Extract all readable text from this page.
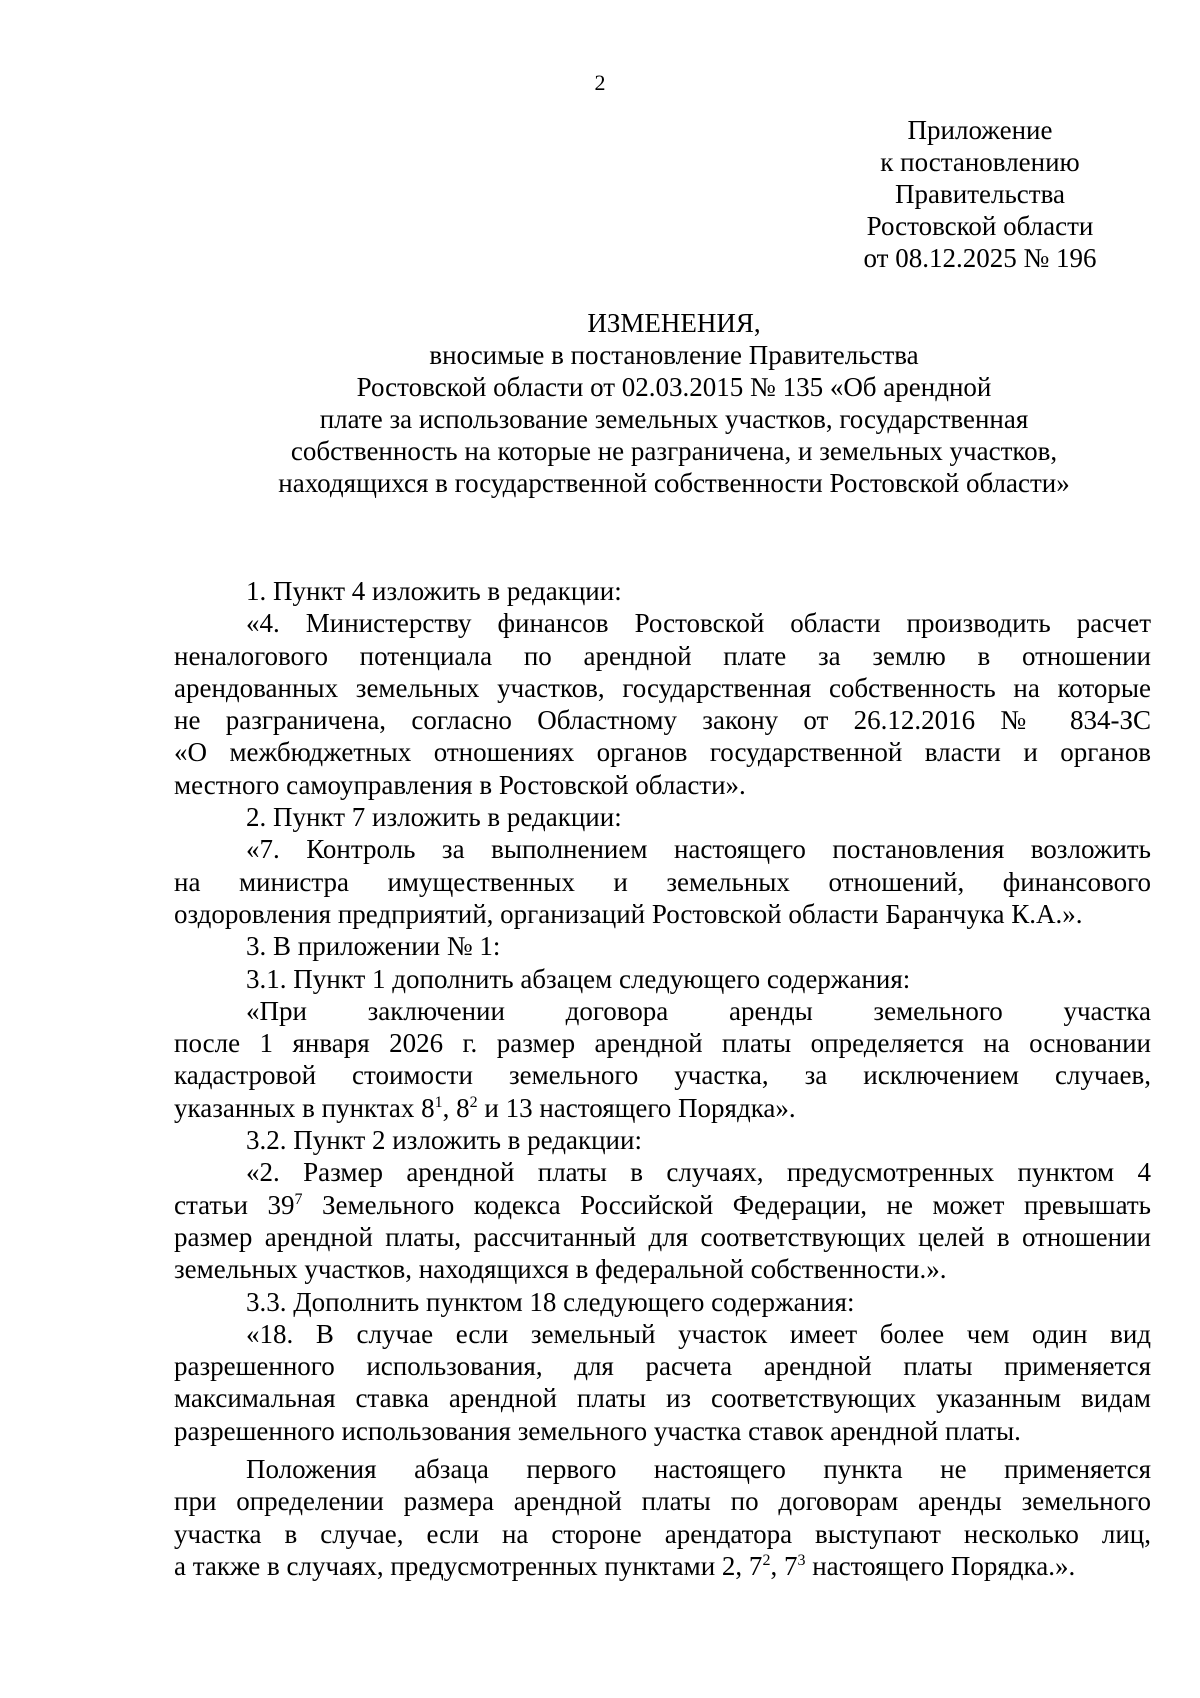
2
Приложение
к постановлению
Правительства
Ростовской области
от 08.12.2025 № 196
ИЗМЕНЕНИЯ,
вносимые в постановление Правительства
Ростовской области от 02.03.2015 № 135 «Об арендной
плате за использование земельных участков, государственная
собственность на которые не разграничена, и земельных участков,
находящихся в государственной собственности Ростовской области»

1. Пункт 4 изложить в редакции:

«4. Министерству финансов Ростовской области производить расчет
неналогового потенциала по арендной плате за землю в отношении
арендованных земельных участков, государственная собственность на которые
не разграничена, согласно Областному закону от 26.12.2016 № 834-ЗС
«О межбюджетных отношениях органов государственной власти и органов
местного самоуправления в Ростовской области».

2. Пункт 7 изложить в редакции:

«7. Контроль за выполнением настоящего постановления возложить
на министра имущественных и земельных отношений, финансового
оздоровления предприятий, организаций Ростовской области Баранчука К.А.».

3. В приложении № 1:

3.1. Пункт 1 дополнить абзацем следующего содержания:

«При заключении договора аренды земельного участка
после 1 января 2026 г. размер арендной платы определяется на основании
кадастровой стоимости земельного участка, за исключением случаев,
указанных в пунктах $8^1$, $8^2$ и 13 настоящего Порядка».

3.2. Пункт 2 изложить в редакции:

«2. Размер арендной платы в случаях, предусмотренных пунктом 4
статьи $39^7$ Земельного кодекса Российской Федерации, не может превышать
размер арендной платы, рассчитанный для соответствующих целей в отношении
земельных участков, находящихся в федеральной собственности.».

3.3. Дополнить пунктом 18 следующего содержания:

«18. В случае если земельный участок имеет более чем один вид
разрешенного использования, для расчета арендной платы применяется
максимальная ставка арендной платы из соответствующих указанным видам
разрешенного использования земельного участка ставок арендной платы.

Положения абзаца первого настоящего пункта не применяется
при определении размера арендной платы по договорам аренды земельного
участка в случае, если на стороне арендатора выступают несколько лиц,
а также в случаях, предусмотренных пунктами 2, $7^2$, $7^3$ настоящего Порядка.».
